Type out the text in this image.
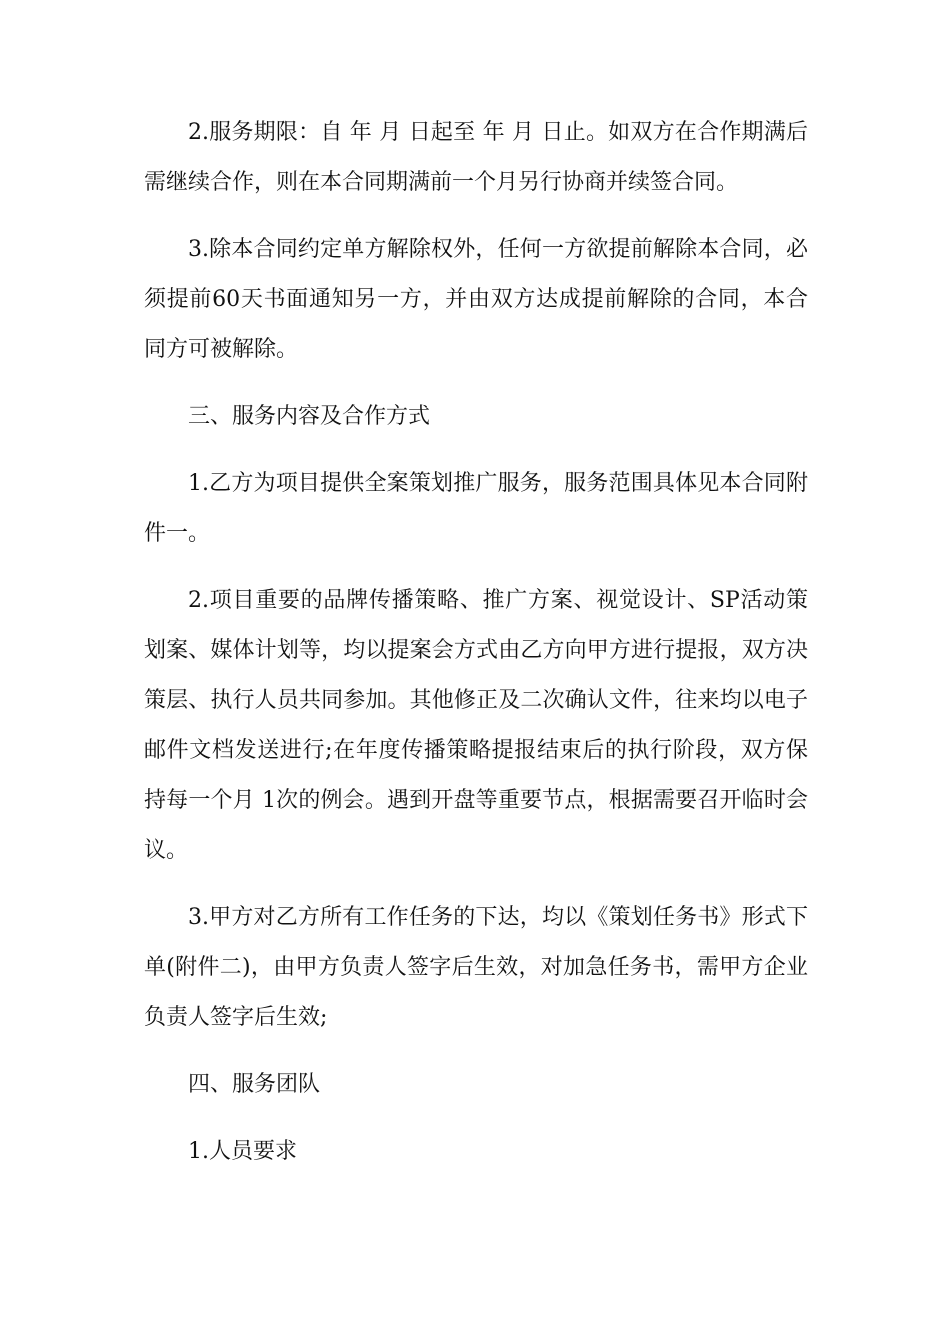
2.服务期限：自 年 月 日起至 年 月 日止。如双方在合作期满后需继续合作，则在本合同期满前一个月另行协商并续签合同。

3.除本合同约定单方解除权外，任何一方欲提前解除本合同，必须提前60天书面通知另一方，并由双方达成提前解除的合同，本合同方可被解除。

三、服务内容及合作方式

1.乙方为项目提供全案策划推广服务，服务范围具体见本合同附件一。

2.项目重要的品牌传播策略、推广方案、视觉设计、SP活动策划案、媒体计划等，均以提案会方式由乙方向甲方进行提报，双方决策层、执行人员共同参加。其他修正及二次确认文件，往来均以电子邮件文档发送进行;在年度传播策略提报结束后的执行阶段，双方保持每一个月 1次的例会。遇到开盘等重要节点，根据需要召开临时会议。

3.甲方对乙方所有工作任务的下达，均以《策划任务书》形式下单(附件二)，由甲方负责人签字后生效，对加急任务书，需甲方企业负责人签字后生效;

四、服务团队

1.人员要求
